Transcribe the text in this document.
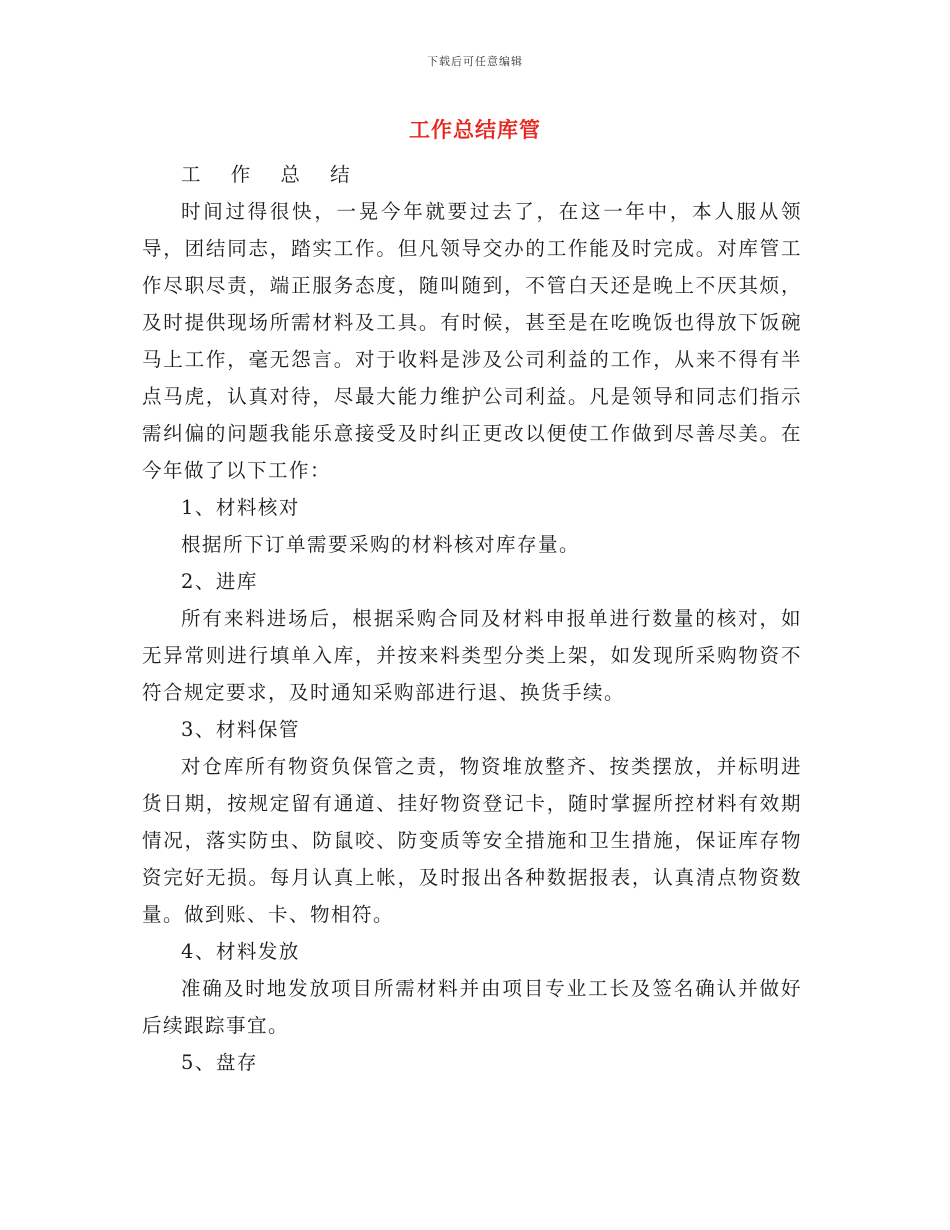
下载后可任意编辑
工作总结库管

工 作 总 结

时间过得很快，一晃今年就要过去了，在这一年中，本人服从领导，团结同志，踏实工作。但凡领导交办的工作能及时完成。对库管工作尽职尽责，端正服务态度，随叫随到，不管白天还是晚上不厌其烦，及时提供现场所需材料及工具。有时候，甚至是在吃晚饭也得放下饭碗马上工作，毫无怨言。对于收料是涉及公司利益的工作，从来不得有半点马虎，认真对待，尽最大能力维护公司利益。凡是领导和同志们指示需纠偏的问题我能乐意接受及时纠正更改以便使工作做到尽善尽美。在今年做了以下工作：

1、材料核对

根据所下订单需要采购的材料核对库存量。

2、进库

所有来料进场后，根据采购合同及材料申报单进行数量的核对，如无异常则进行填单入库，并按来料类型分类上架，如发现所采购物资不符合规定要求，及时通知采购部进行退、换货手续。

3、材料保管

对仓库所有物资负保管之责，物资堆放整齐、按类摆放，并标明进货日期，按规定留有通道、挂好物资登记卡，随时掌握所控材料有效期情况，落实防虫、防鼠咬、防变质等安全措施和卫生措施，保证库存物资完好无损。每月认真上帐，及时报出各种数据报表，认真清点物资数量。做到账、卡、物相符。

4、材料发放

准确及时地发放项目所需材料并由项目专业工长及签名确认并做好后续跟踪事宜。

5、盘存
